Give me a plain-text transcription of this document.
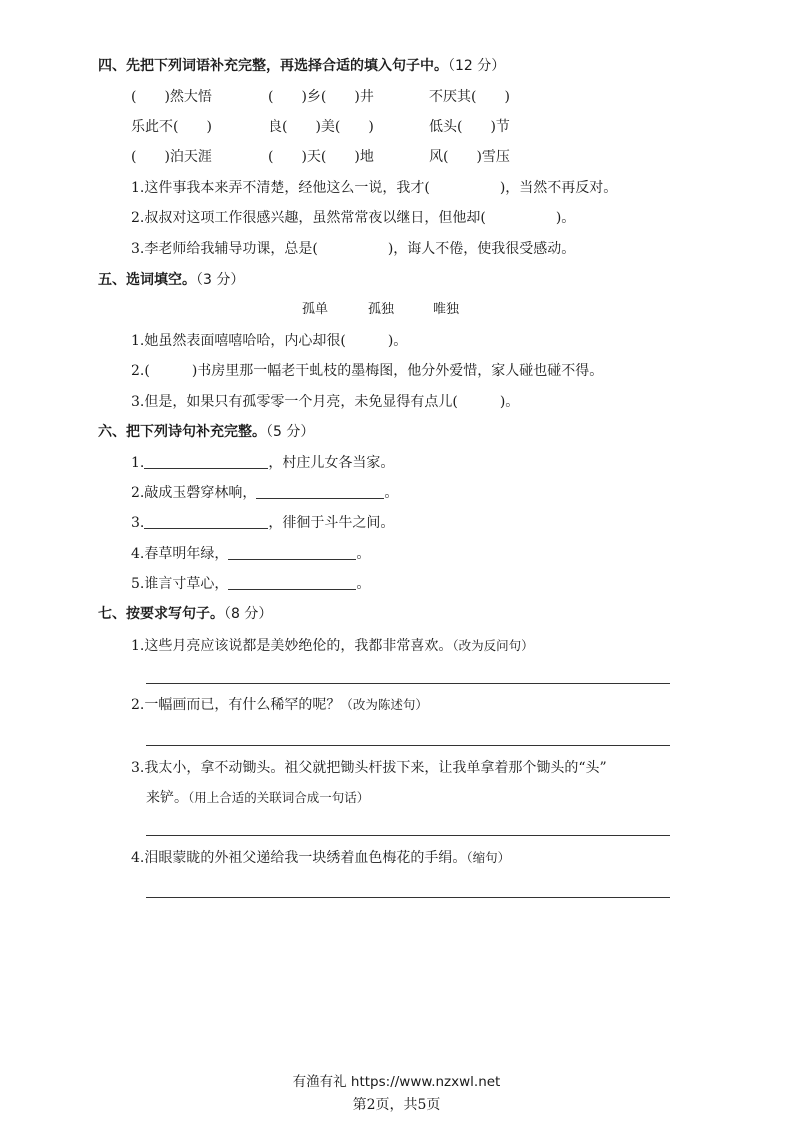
四、先把下列词语补充完整，再选择合适的填入句子中。（12 分）
(　　)然大悟	(　　)乡(　　)井	不厌其(　　)
乐此不(　　)	良(　　)美(　　)	低头(　　)节
(　　)泊天涯	(　　)天(　　)地	风(　　)雪压
1.这件事我本来弄不清楚，经他这么一说，我才(　　　　　)，当然不再反对。
2.叔叔对这项工作很感兴趣，虽然常常夜以继日，但他却(　　　　　)。
3.李老师给我辅导功课，总是(　　　　　)，诲人不倦，使我很受感动。
五、选词填空。（3 分）
孤单	孤独	唯独
1.她虽然表面嘻嘻哈哈，内心却很(　　　)。
2.(　　　)书房里那一幅老干虬枝的墨梅图，他分外爱惜，家人碰也碰不得。
3.但是，如果只有孤零零一个月亮，未免显得有点儿(　　　)。
六、把下列诗句补充完整。（5 分）
1.	，村庄儿女各当家。
2.敲成玉磬穿林响，	。
3.	，徘徊于斗牛之间。
4.春草明年绿，	。
5.谁言寸草心，	。
七、按要求写句子。（8 分）
1.这些月亮应该说都是美妙绝伦的，我都非常喜欢。（改为反问句）
2.一幅画而已，有什么稀罕的呢？（改为陈述句）
3.我太小，拿不动锄头。祖父就把锄头杆拔下来，让我单拿着那个锄头的“头”
来铲。（用上合适的关联词合成一句话）
4.泪眼蒙眬的外祖父递给我一块绣着血色梅花的手绢。（缩句）
有渔有礼 https://www.nzxwl.net
第2页，共5页
